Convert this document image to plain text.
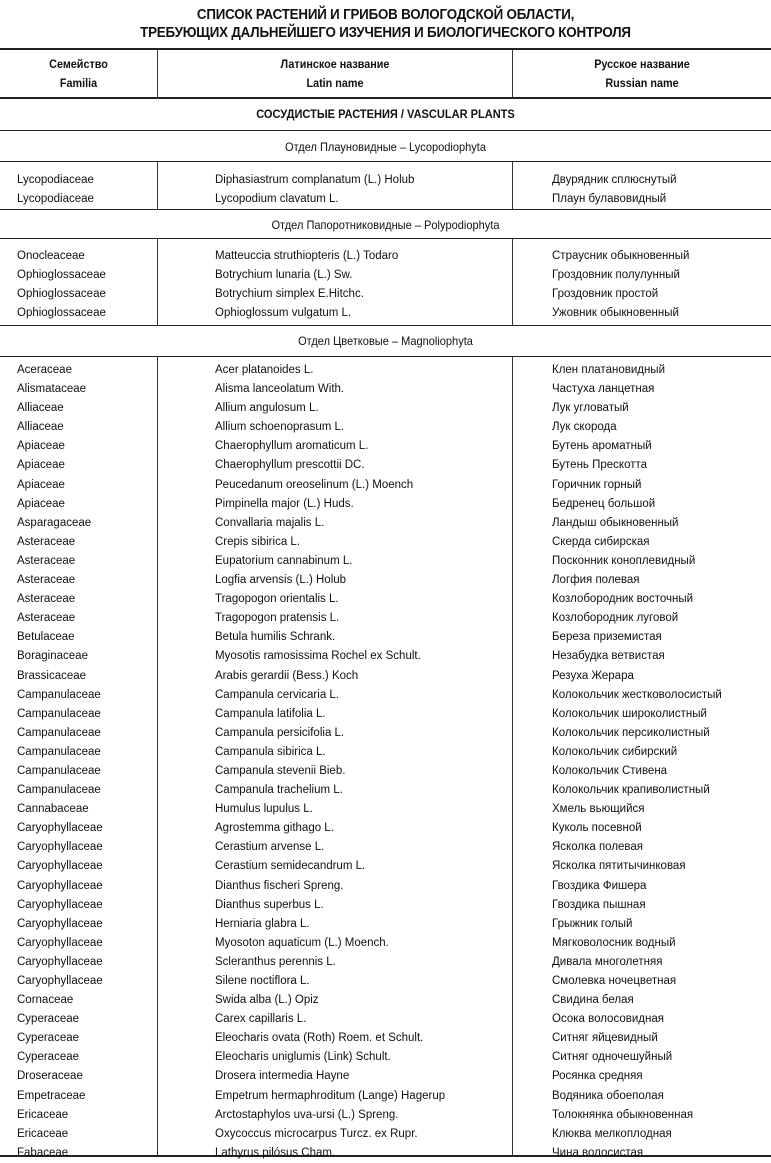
СПИСОК РАСТЕНИЙ И ГРИБОВ ВОЛОГОДСКОЙ ОБЛАСТИ,
ТРЕБУЮЩИХ ДАЛЬНЕЙШЕГО ИЗУЧЕНИЯ И БИОЛОГИЧЕСКОГО КОНТРОЛЯ
Семейство
Familia
Латинское название
Latin name
Русское название
Russian name
СОСУДИСТЫЕ РАСТЕНИЯ / VASCULAR PLANTS
Отдел Плауновидные – Lycopodiophyta
Отдел Папоротниковидные – Polypodiophyta
Отдел Цветковые – Magnoliophyta
Lycopodiaceae	Diphasiastrum complanatum (L.) Holub	Двурядник сплюснутый
Lycopodiaceae	Lycopodium clavatum L.	Плаун булавовидный
Onocleaceae	Matteuccia struthiopteris (L.) Todaro	Страусник обыкновенный
Ophioglossaceae	Botrychium lunaria (L.) Sw.	Гроздовник полулунный
Ophioglossaceae	Botrychium simplex E.Hitchc.	Гроздовник простой
Ophioglossaceae	Ophioglossum vulgatum L.	Ужовник обыкновенный
Aceraceae	Acer platanoides L.	Клен платановидный
Alismataceae	Alisma lanceolatum With.	Частуха ланцетная
Alliaceae	Allium angulosum L.	Лук угловатый
Alliaceae	Allium schoenoprasum L.	Лук скорода
Apiaceae	Chaerophyllum aromaticum L.	Бутень ароматный
Apiaceae	Chaerophyllum prescottii DC.	Бутень Прескотта
Apiaceae	Peucedanum oreoselinum (L.) Moench	Горичник горный
Apiaceae	Pimpinella major (L.) Huds.	Бедренец большой
Asparagaceae	Convallaria majalis L.	Ландыш обыкновенный
Asteraceae	Crepis sibirica L.	Скерда сибирская
Asteraceae	Eupatorium cannabinum L.	Посконник коноплевидный
Asteraceae	Logfia arvensis (L.) Holub	Логфия полевая
Asteraceae	Tragopogon orientalis L.	Козлобородник восточный
Asteraceae	Tragopogon pratensis L.	Козлобородник луговой
Betulaceae	Betula humilis Schrank.	Береза приземистая
Boraginaceae	Myosotis ramosissima Rochel ex Schult.	Незабудка ветвистая
Brassicaceae	Arabis gerardii (Bess.) Koch	Резуха Жерара
Campanulaceae	Campanula cervicaria L.	Колокольчик жестковолосистый
Campanulaceae	Campanula latifolia L.	Колокольчик широколистный
Campanulaceae	Campanula persicifolia L.	Колокольчик персиколистный
Campanulaceae	Campanula sibirica L.	Колокольчик сибирский
Campanulaceae	Campanula stevenii Bieb.	Колокольчик Стивена
Campanulaceae	Campanula trachelium L.	Колокольчик крапиволистный
Cannabaceae	Humulus lupulus L.	Хмель вьющийся
Caryophyllaceae	Agrostemma githago L.	Куколь посевной
Caryophyllaceae	Cerastium arvense L.	Ясколка полевая
Caryophyllaceae	Cerastium semidecandrum L.	Ясколка пятитычинковая
Caryophyllaceae	Dianthus fischeri Spreng.	Гвоздика Фишера
Caryophyllaceae	Dianthus superbus L.	Гвоздика пышная
Caryophyllaceae	Herniaria glabra L.	Грыжник голый
Caryophyllaceae	Myosoton aquaticum (L.) Moench.	Мягковолосник водный
Caryophyllaceae	Scleranthus perennis L.	Дивала многолетняя
Caryophyllaceae	Silene noctiflora L.	Смолевка ночецветная
Cornaceae	Swida alba (L.) Opiz	Свидина белая
Cyperaceae	Carex capillaris L.	Осока волосовидная
Cyperaceae	Eleocharis ovata (Roth) Roem. et Schult.	Ситняг яйцевидный
Cyperaceae	Eleocharis uniglumis (Link) Schult.	Ситняг одночешуйный
Droseraceae	Drosera intermedia Hayne	Росянка средняя
Empetraceae	Empetrum hermaphroditum (Lange) Hagerup	Водяника обоеполая
Ericaceae	Arctostaphylos uva-ursi (L.) Spreng.	Толокнянка обыкновенная
Ericaceae	Oxycoccus microcarpus Turcz. ex Rupr.	Клюква мелкоплодная
Fabaceae	Lathyrus pilósus Cham.	Чина волосистая
